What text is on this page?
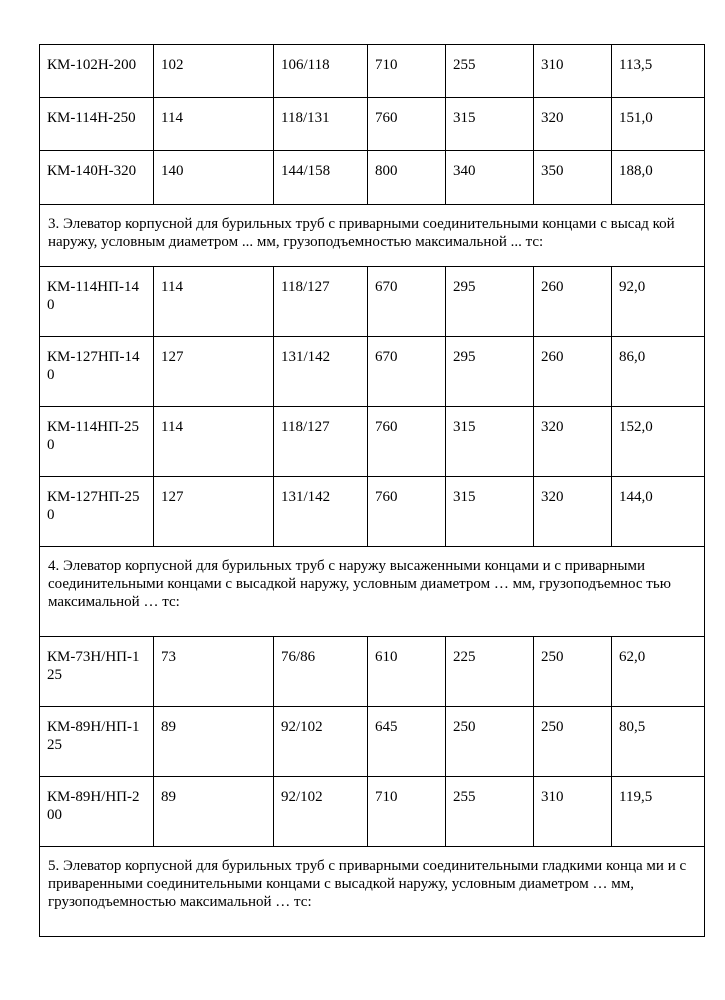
КМ-102Н-200	102	106/118	710	255	310	113,5
КМ-114Н-250	114	118/131	760	315	320	151,0
КМ-140Н-320	140	144/158	800	340	350	188,0
3. Элеватор корпусной для бурильных труб с приварными соединительными концами с высад кой наружу, условным диаметром ... мм, грузоподъемностью максимальной ... тс:						
КМ-114НП-14 0	114	118/127	670	295	260	92,0
КМ-127НП-14 0	127	131/142	670	295	260	86,0
КМ-114НП-25 0	114	118/127	760	315	320	152,0
КМ-127НП-25 0	127	131/142	760	315	320	144,0
4. Элеватор корпусной для бурильных труб с наружу высаженными концами и с приварными соединительными концами с высадкой наружу, условным диаметром … мм, грузоподъемнос тью максимальной … тс:						
КМ-73Н/НП-1 25	73	76/86	610	225	250	62,0
КМ-89Н/НП-1 25	89	92/102	645	250	250	80,5
КМ-89Н/НП-2 00	89	92/102	710	255	310	119,5
5. Элеватор корпусной для бурильных труб с приварными соединительными гладкими конца ми и с приваренными соединительными концами с высадкой наружу, условным диаметром … мм, грузоподъемностью максимальной … тс:						
